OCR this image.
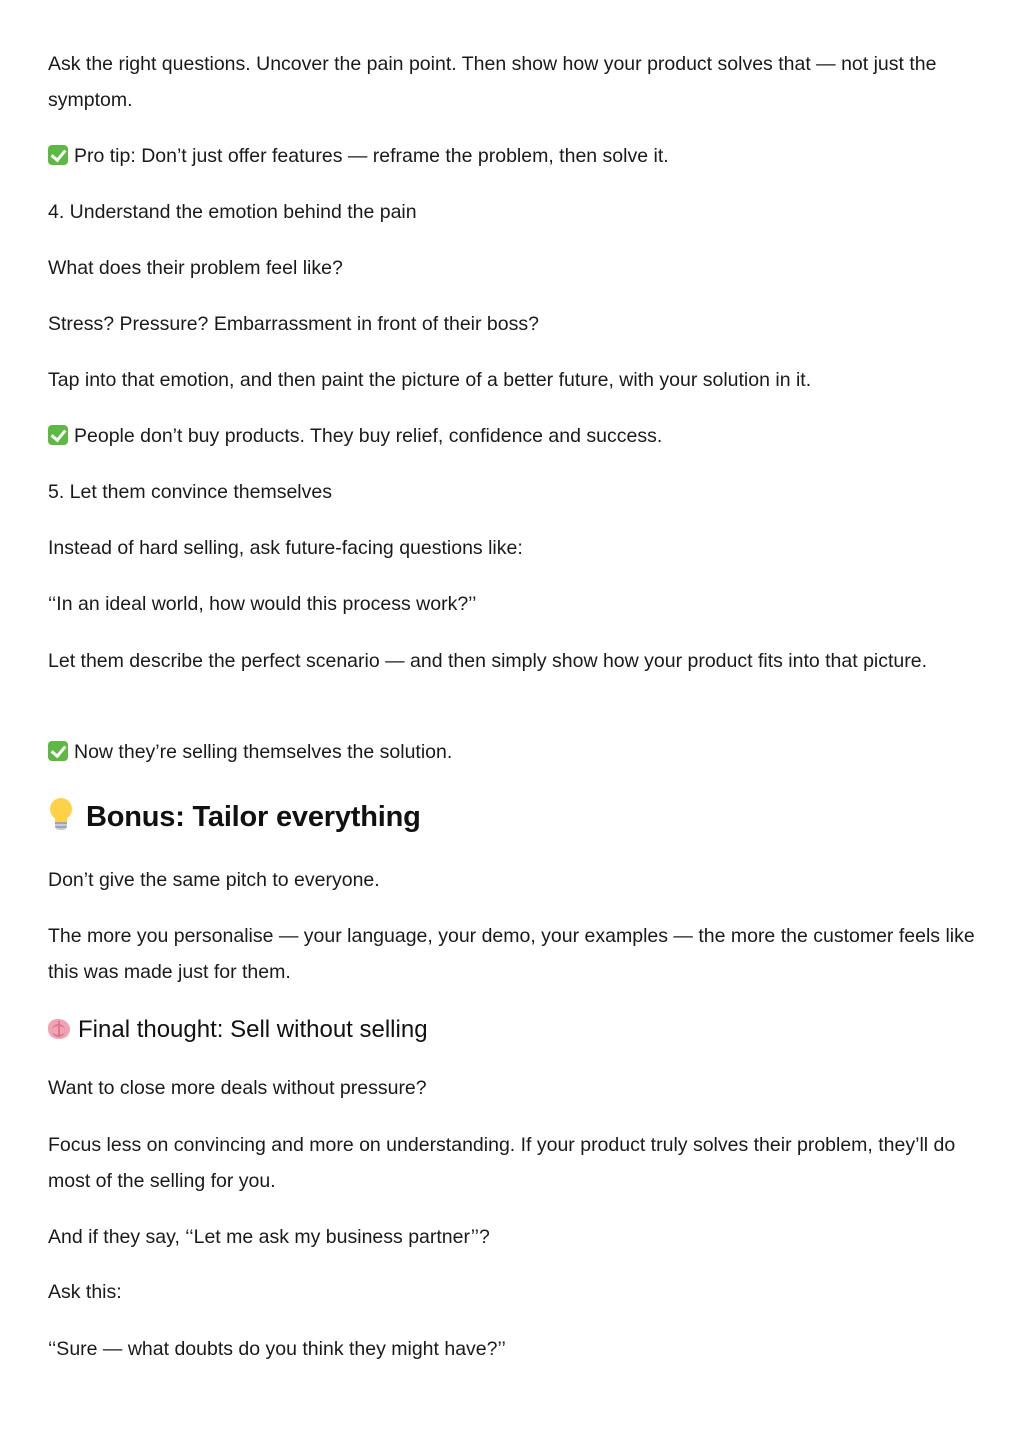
Ask the right questions. Uncover the pain point. Then show how your product solves that — not just the symptom.

Pro tip: Don’t just offer features — reframe the problem, then solve it.

4. Understand the emotion behind the pain

What does their problem feel like?

Stress? Pressure? Embarrassment in front of their boss?

Tap into that emotion, and then paint the picture of a better future, with your solution in it.

People don’t buy products. They buy relief, confidence and success.

5. Let them convince themselves

Instead of hard selling, ask future-facing questions like:

‘‘In an ideal world, how would this process work?’’

Let them describe the perfect scenario — and then simply show how your product fits into that picture.

Now they’re selling themselves the solution.

Bonus: Tailor everything

Don’t give the same pitch to everyone.

The more you personalise — your language, your demo, your examples — the more the customer feels like this was made just for them.

Final thought: Sell without selling

Want to close more deals without pressure?

Focus less on convincing and more on understanding. If your product truly solves their problem, they’ll do most of the selling for you.

And if they say, ‘‘Let me ask my business partner’’?

Ask this:

‘‘Sure — what doubts do you think they might have?’’
